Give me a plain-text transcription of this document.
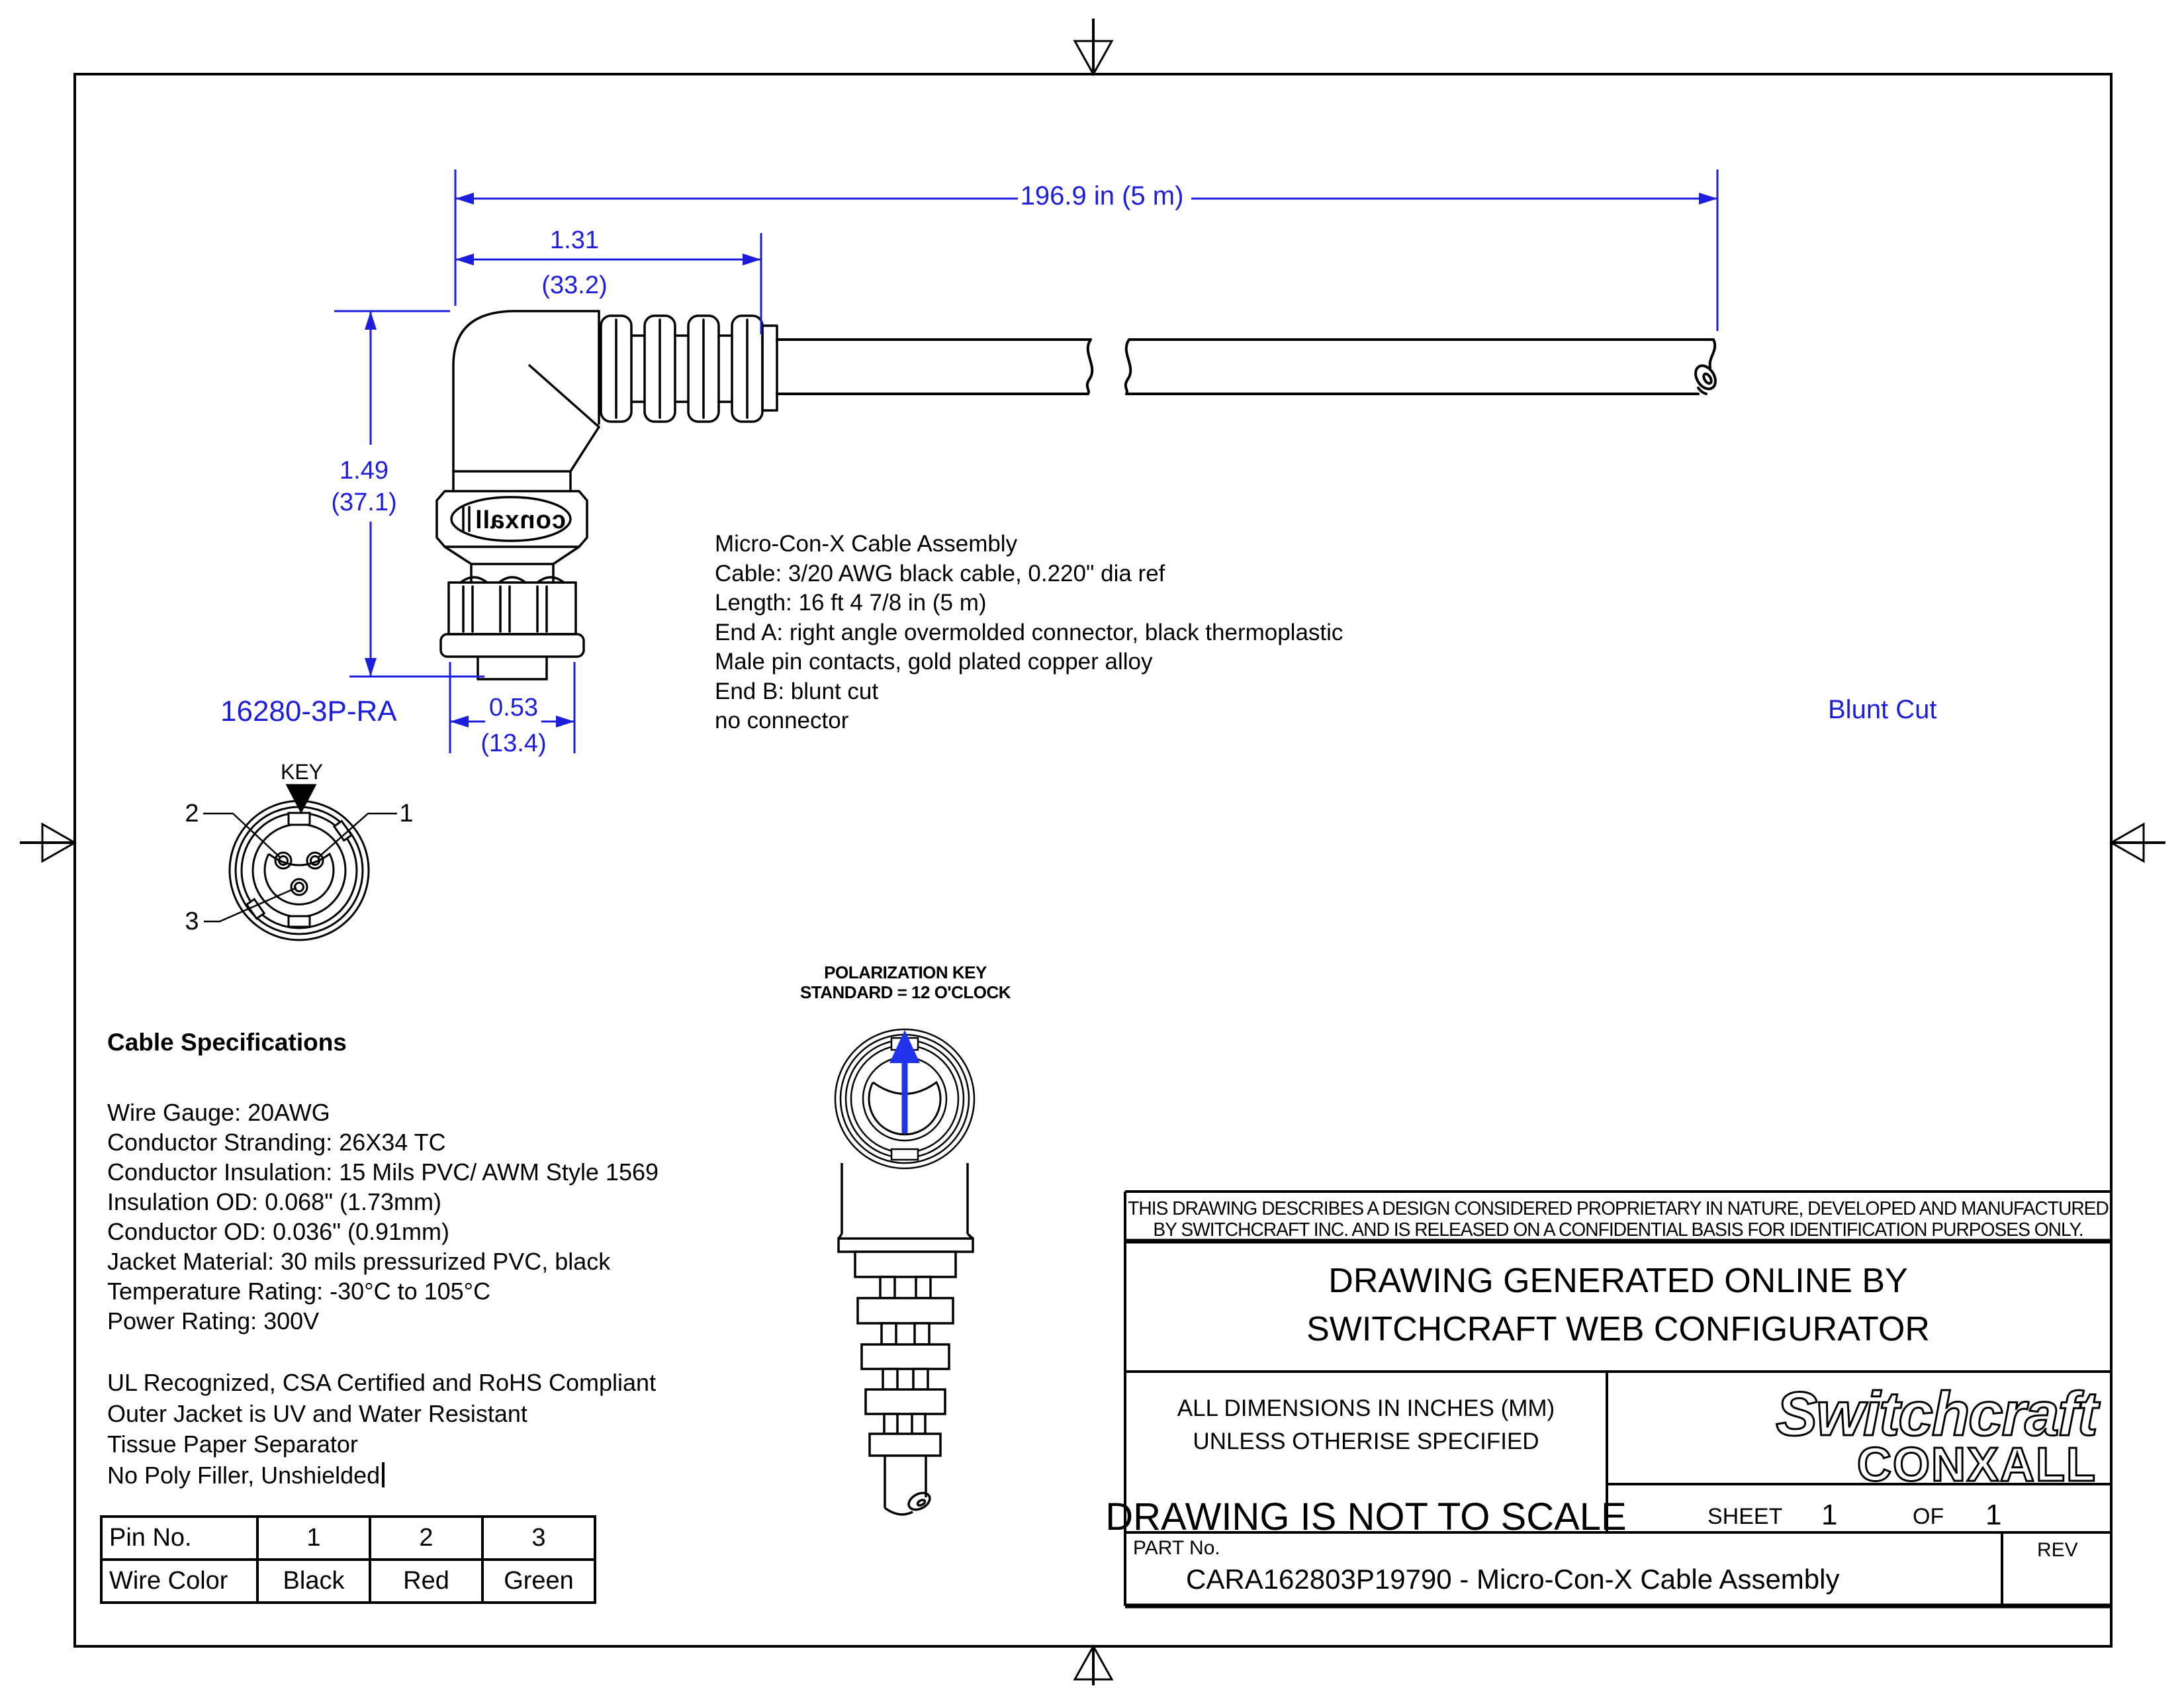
conxall
196.9 in (5 m)
1.31
(33.2)
1.49
(37.1)
0.53
(13.4)
16280-3P-RA	Blunt Cut
KEY
2	1
3
Micro-Con-X Cable Assembly
Cable: 3/20 AWG black cable, 0.220" dia ref
Length: 16 ft 4 7/8 in (5 m)
End A: right angle overmolded connector, black thermoplastic
Male pin contacts, gold plated copper alloy
End B: blunt cut
no connector
POLARIZATION KEY
STANDARD = 12 O'CLOCK
Cable Specifications
Wire Gauge: 20AWG
Conductor Stranding: 26X34 TC
Conductor Insulation: 15 Mils PVC/ AWM Style 1569
Insulation OD: 0.068" (1.73mm)
Conductor OD: 0.036" (0.91mm)
Jacket Material: 30 mils pressurized PVC, black
Temperature Rating: -30°C to 105°C
Power Rating: 300V
UL Recognized, CSA Certified and RoHS Compliant
Outer Jacket is UV and Water Resistant
Tissue Paper Separator
No Poly Filler, Unshielded
Pin No.	1	2	3
Wire Color	Black	Red	Green
THIS DRAWING DESCRIBES A DESIGN CONSIDERED PROPRIETARY IN NATURE, DEVELOPED AND MANUFACTURED
BY SWITCHCRAFT INC. AND IS RELEASED ON A CONFIDENTIAL BASIS FOR IDENTIFICATION PURPOSES ONLY.
DRAWING GENERATED ONLINE BY
SWITCHCRAFT WEB CONFIGURATOR
ALL DIMENSIONS IN INCHES (MM)
UNLESS OTHERISE SPECIFIED
DRAWING IS NOT TO SCALE
Switchcraft
CONXALL
SHEET 1	OF 1
PART No.
CARA162803P19790 - Micro-Con-X Cable Assembly
REV
